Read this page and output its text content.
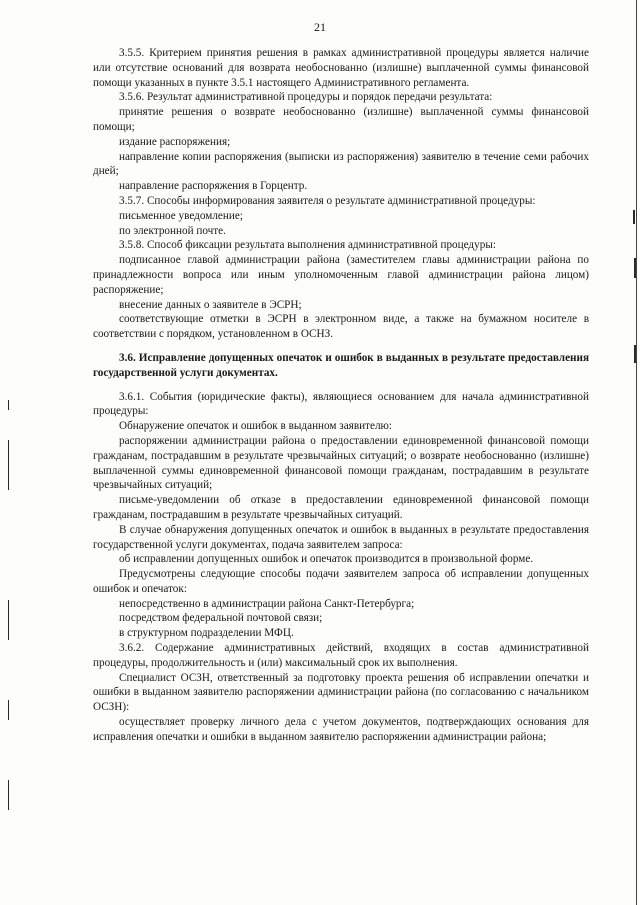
21

3.5.5. Критерием принятия решения в рамках административной процедуры является наличие или отсутствие оснований для возврата необоснованно (излишне) выплаченной суммы финансовой помощи указанных в пункте 3.5.1 настоящего Административного регламента.

3.5.6. Результат административной процедуры и порядок передачи результата:

принятие решения о возврате необоснованно (излишне) выплаченной суммы финансовой помощи;

издание распоряжения;

направление копии распоряжения (выписки из распоряжения) заявителю в течение семи рабочих дней;

направление распоряжения в Горцентр.

3.5.7. Способы информирования заявителя о результате административной процедуры:

письменное уведомление;

по электронной почте.

3.5.8. Способ фиксации результата выполнения административной процедуры:

подписанное главой администрации района (заместителем главы администрации района по принадлежности вопроса или иным уполномоченным главой администрации района лицом) распоряжение;

внесение данных о заявителе в ЭСРН;

соответствующие отметки в ЭСРН в электронном виде, а также на бумажном носителе в соответствии с порядком, установленном в ОСНЗ.

3.6. Исправление допущенных опечаток и ошибок в выданных в результате предоставления государственной услуги документах.

3.6.1. События (юридические факты), являющиеся основанием для начала административной процедуры:

Обнаружение опечаток и ошибок в выданном заявителю:

распоряжении администрации района о предоставлении единовременной финансовой помощи гражданам, пострадавшим в результате чрезвычайных ситуаций; о возврате необоснованно (излишне) выплаченной суммы единовременной финансовой помощи гражданам, пострадавшим в результате чрезвычайных ситуаций;

письме-уведомлении об отказе в предоставлении единовременной финансовой помощи гражданам, пострадавшим в результате чрезвычайных ситуаций.

В случае обнаружения допущенных опечаток и ошибок в выданных в результате предоставления государственной услуги документах, подача заявителем запроса:

об исправлении допущенных ошибок и опечаток производится в произвольной форме.

Предусмотрены следующие способы подачи заявителем запроса об исправлении допущенных ошибок и опечаток:

непосредственно в администрации района Санкт-Петербурга;

посредством федеральной почтовой связи;

в структурном подразделении МФЦ.

3.6.2. Содержание административных действий, входящих в состав административной процедуры, продолжительность и (или) максимальный срок их выполнения.

Специалист ОСЗН, ответственный за подготовку проекта решения об исправлении опечатки и ошибки в выданном заявителю распоряжении администрации района (по согласованию с начальником ОСЗН):

осуществляет проверку личного дела с учетом документов, подтверждающих основания для исправления опечатки и ошибки в выданном заявителю распоряжении администрации района;
